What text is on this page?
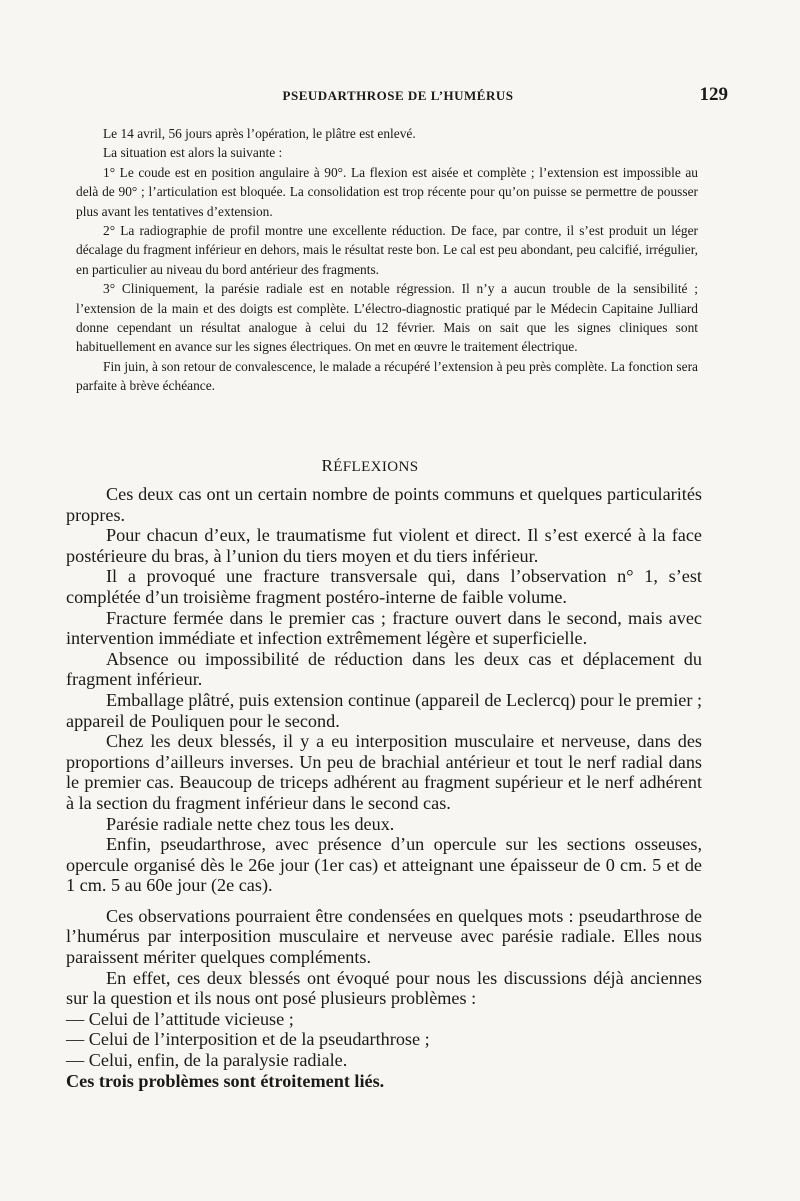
PSEUDARTHROSE DE L’HUMÉRUS	129

Le 14 avril, 56 jours après l’opération, le plâtre est enlevé.

La situation est alors la suivante :

1° Le coude est en position angulaire à 90°. La flexion est aisée et complète ; l’extension est impossible au delà de 90° ; l’articulation est bloquée. La consolidation est trop récente pour qu’on puisse se permettre de pousser plus avant les tentatives d’extension.

2° La radiographie de profil montre une excellente réduction. De face, par contre, il s’est produit un léger décalage du fragment inférieur en dehors, mais le résultat reste bon. Le cal est peu abondant, peu calcifié, irrégulier, en particulier au niveau du bord antérieur des fragments.

3° Cliniquement, la parésie radiale est en notable régression. Il n’y a aucun trouble de la sensibilité ; l’extension de la main et des doigts est complète. L’électro-diagnostic pratiqué par le Médecin Capitaine Julliard donne cependant un résultat analogue à celui du 12 février. Mais on sait que les signes cliniques sont habituellement en avance sur les signes électriques. On met en œuvre le traitement électrique.

Fin juin, à son retour de convalescence, le malade a récupéré l’extension à peu près complète. La fonction sera parfaite à brève échéance.

RÉFLEXIONS

Ces deux cas ont un certain nombre de points communs et quelques particularités propres.

Pour chacun d’eux, le traumatisme fut violent et direct. Il s’est exercé à la face postérieure du bras, à l’union du tiers moyen et du tiers inférieur.

Il a provoqué une fracture transversale qui, dans l’observation n° 1, s’est complétée d’un troisième fragment postéro-interne de faible volume.

Fracture fermée dans le premier cas ; fracture ouvert dans le second, mais avec intervention immédiate et infection extrêmement légère et superficielle.

Absence ou impossibilité de réduction dans les deux cas et déplacement du fragment inférieur.

Emballage plâtré, puis extension continue (appareil de Leclercq) pour le premier ; appareil de Pouliquen pour le second.

Chez les deux blessés, il y a eu interposition musculaire et nerveuse, dans des proportions d’ailleurs inverses. Un peu de brachial antérieur et tout le nerf radial dans le premier cas. Beaucoup de triceps adhérent au fragment supérieur et le nerf adhérent à la section du fragment inférieur dans le second cas.

Parésie radiale nette chez tous les deux.

Enfin, pseudarthrose, avec présence d’un opercule sur les sections osseuses, opercule organisé dès le 26e jour (1er cas) et atteignant une épaisseur de 0 cm. 5 et de 1 cm. 5 au 60e jour (2e cas).

Ces observations pourraient être condensées en quelques mots : pseudarthrose de l’humérus par interposition musculaire et nerveuse avec parésie radiale. Elles nous paraissent mériter quelques compléments.

En effet, ces deux blessés ont évoqué pour nous les discussions déjà anciennes sur la question et ils nous ont posé plusieurs problèmes :

— Celui de l’attitude vicieuse ;

— Celui de l’interposition et de la pseudarthrose ;

— Celui, enfin, de la paralysie radiale.

Ces trois problèmes sont étroitement liés.
